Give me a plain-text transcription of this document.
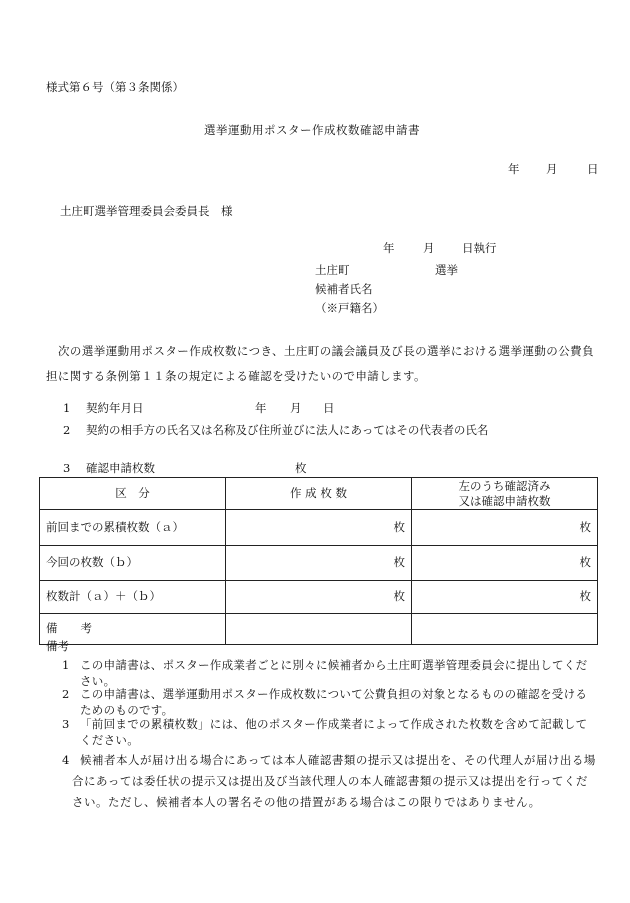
様式第６号（第３条関係）
選挙運動用ポスター作成枚数確認申請書
年 月	日
土庄町選挙管理委員会委員長　様
年 月 日執行
土庄町	選挙
候補者氏名
（※戸籍名）
次の選挙運動用ポスター作成枚数につき、土庄町の議会議員及び長の選挙における選挙運動の公費負担に関する条例第１１条の規定による確認を受けたいので申請します。
1 契約年月日	年 月 日
2 契約の相手方の氏名又は名称及び住所並びに法人にあってはその代表者の氏名
3 確認申請枚数	枚
区　分	作 成 枚 数	左のうち確認済み
又は確認申請枚数

前回までの累積枚数（ａ）	枚	枚
今回の枚数（ｂ）	枚	枚
枚数計（ａ）＋（ｂ）	枚	枚
備　　考		
備考
1 この申請書は、ポスター作成業者ごとに別々に候補者から土庄町選挙管理委員会に提出してください。
2 この申請書は、選挙運動用ポスター作成枚数について公費負担の対象となるものの確認を受けるためのものです。
3 「前回までの累積枚数」には、他のポスター作成業者によって作成された枚数を含めて記載してください。
4 候補者本人が届け出る場合にあっては本人確認書類の提示又は提出を、その代理人が届け出る場合にあっては委任状の提示又は提出及び当該代理人の本人確認書類の提示又は提出を行ってください。ただし、候補者本人の署名その他の措置がある場合はこの限りではありません。
